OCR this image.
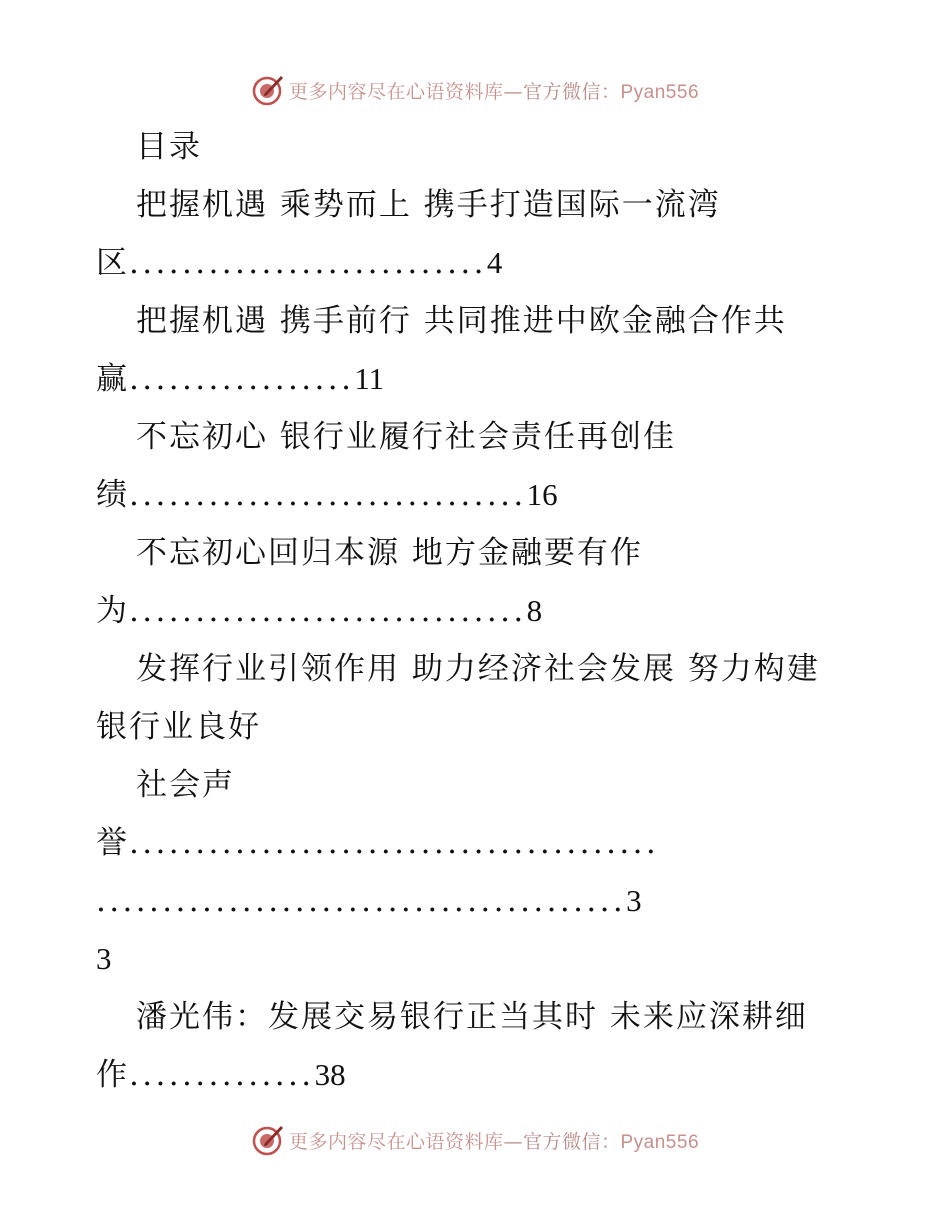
更多内容尽在心语资料库—官方微信：Pyan556
目录
把握机遇 乘势而上 携手打造国际一流湾
区...........................4
把握机遇 携手前行 共同推进中欧金融合作共
赢.................11
不忘初心 银行业履行社会责任再创佳
绩..............................16
不忘初心回归本源 地方金融要有作
为..............................8
发挥行业引领作用 助力经济社会发展 努力构建
银行业良好
社会声
誉........................................
........................................3
3
潘光伟：发展交易银行正当其时 未来应深耕细
作..............38
更多内容尽在心语资料库—官方微信：Pyan556
